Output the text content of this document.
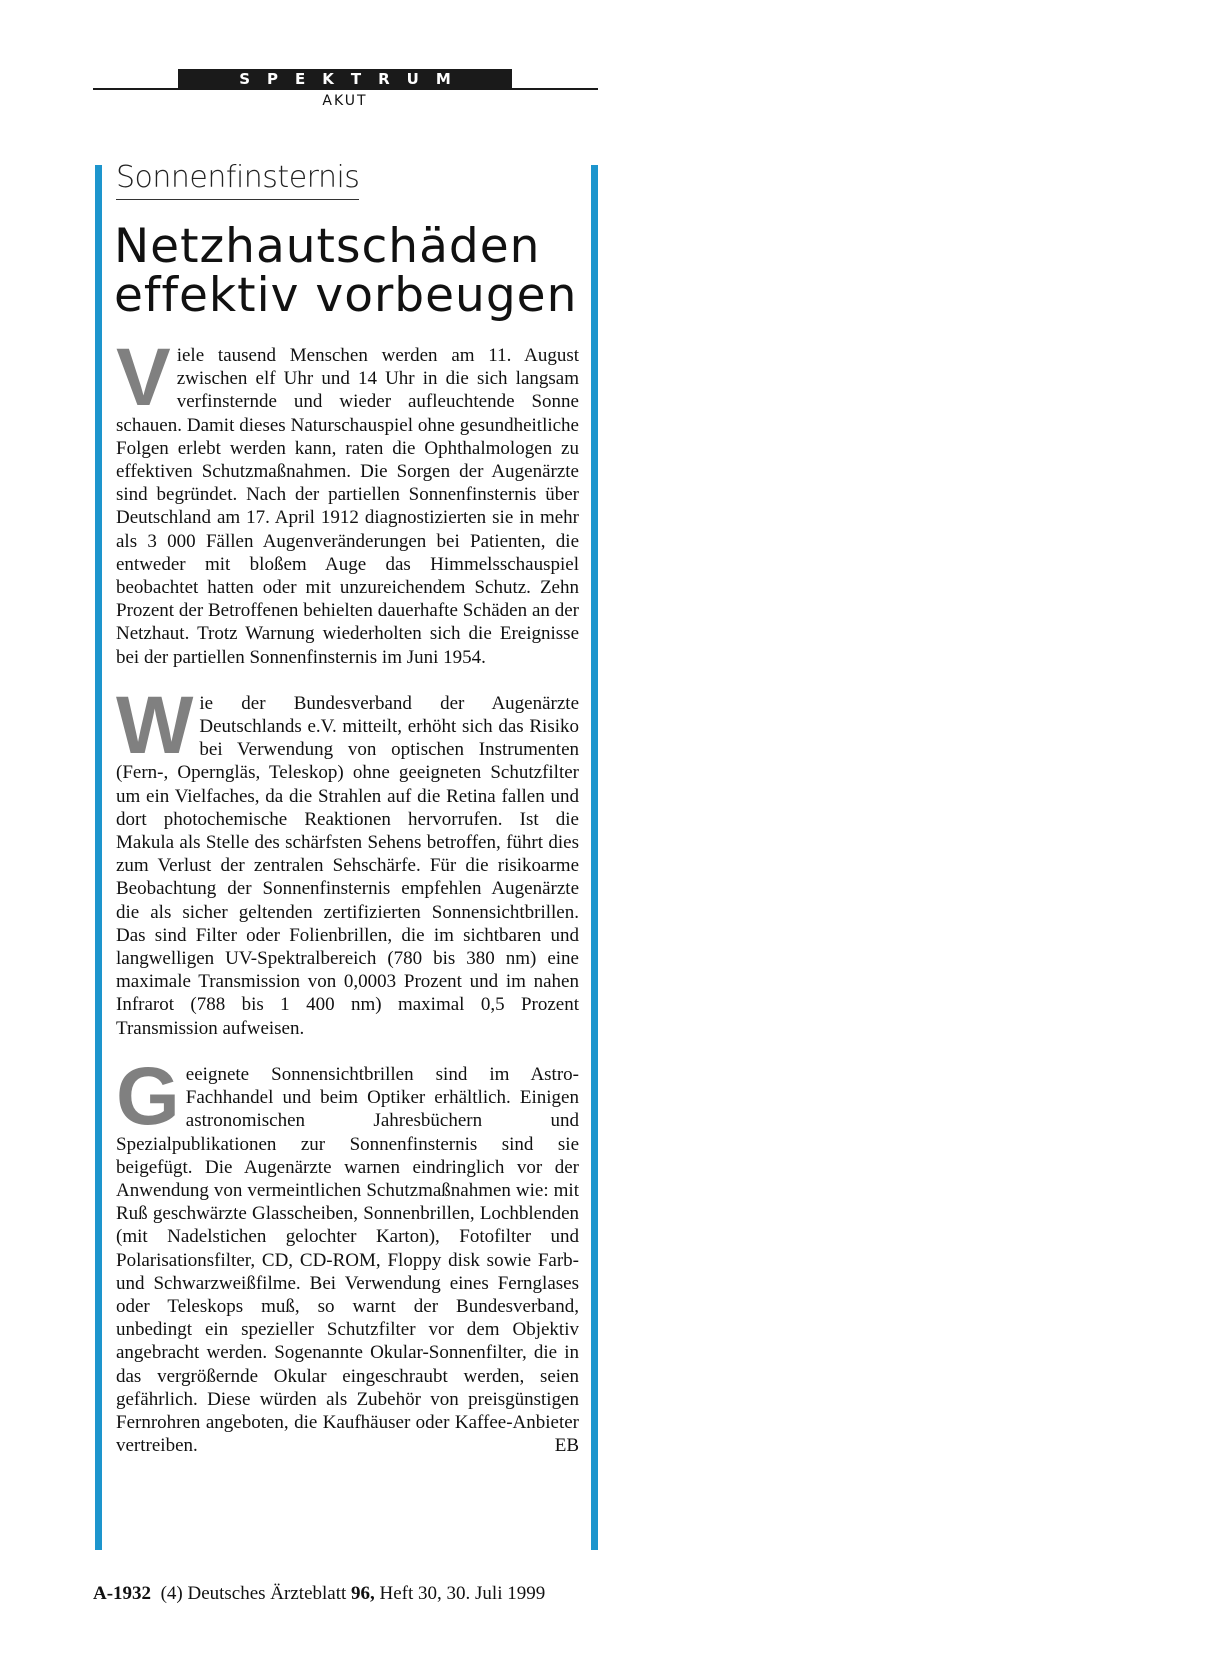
SPEKTRUM
AKUT
Sonnenfinsternis
Netzhautschäden effektiv vorbeugen

Viele tausend Menschen werden am 11. August zwischen elf Uhr und 14 Uhr in die sich langsam verfinsternde und wieder aufleuchtende Sonne schauen. Damit dieses Naturschauspiel ohne gesundheitliche Folgen erlebt werden kann, raten die Ophthalmologen zu effektiven Schutzmaßnahmen. Die Sorgen der Augenärzte sind begründet. Nach der partiellen Sonnenfinsternis über Deutschland am 17. April 1912 diagnostizierten sie in mehr als 3 000 Fällen Augenveränderungen bei Patienten, die entweder mit bloßem Auge das Himmelsschauspiel beobachtet hatten oder mit unzureichendem Schutz. Zehn Prozent der Betroffenen behielten dauerhafte Schäden an der Netzhaut. Trotz Warnung wiederholten sich die Ereignisse bei der partiellen Sonnenfinsternis im Juni 1954.

Wie der Bundesverband der Augenärzte Deutschlands e.V. mitteilt, erhöht sich das Risiko bei Verwendung von optischen Instrumenten (Fern-, Operngläs, Teleskop) ohne geeigneten Schutzfilter um ein Vielfaches, da die Strahlen auf die Retina fallen und dort photochemische Reaktionen hervorrufen. Ist die Makula als Stelle des schärfsten Sehens betroffen, führt dies zum Verlust der zentralen Sehschärfe. Für die risikoarme Beobachtung der Sonnenfinsternis empfehlen Augenärzte die als sicher geltenden zertifizierten Sonnensichtbrillen. Das sind Filter oder Folienbrillen, die im sichtbaren und langwelligen UV-Spektralbereich (780 bis 380 nm) eine maximale Transmission von 0,0003 Prozent und im nahen Infrarot (788 bis 1 400 nm) maximal 0,5 Prozent Transmission aufweisen.

Geeignete Sonnensichtbrillen sind im Astro-Fachhandel und beim Optiker erhältlich. Einigen astronomischen Jahresbüchern und Spezialpublikationen zur Sonnenfinsternis sind sie beigefügt. Die Augenärzte warnen eindringlich vor der Anwendung von vermeintlichen Schutzmaßnahmen wie: mit Ruß geschwärzte Glasscheiben, Sonnenbrillen, Lochblenden (mit Nadelstichen gelochter Karton), Fotofilter und Polarisationsfilter, CD, CD-ROM, Floppy disk sowie Farb- und Schwarzweißfilme. Bei Verwendung eines Fernglases oder Teleskops muß, so warnt der Bundesverband, unbedingt ein spezieller Schutzfilter vor dem Objektiv angebracht werden. Sogenannte Okular-Sonnenfilter, die in das vergrößernde Okular eingeschraubt werden, seien gefährlich. Diese würden als Zubehör von preisgünstigen Fernrohren angeboten, die Kaufhäuser oder Kaffee-Anbieter vertreiben.	EB

A-1932 (4) Deutsches Ärzteblatt 96, Heft 30, 30. Juli 1999
